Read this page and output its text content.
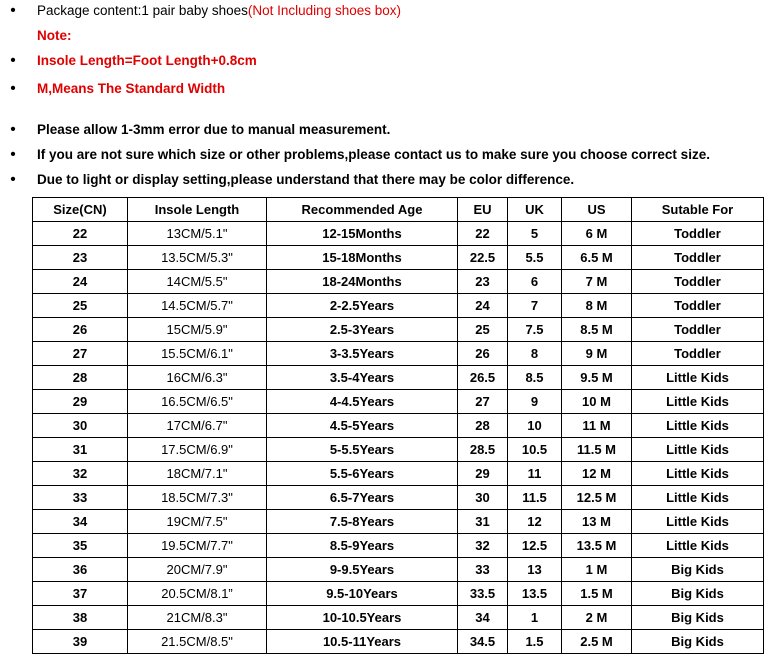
• Package content:1 pair baby shoes(Not Including shoes box)
Note:
• Insole Length=Foot Length+0.8cm
• M,Means The Standard Width
• Please allow 1-3mm error due to manual measurement.
• If you are not sure which size or other problems,please contact us to make sure you choose correct size.
• Due to light or display setting,please understand that there may be color difference.
Size(CN)	Insole Length	Recommended Age	EU	UK	US	Sutable For
22	13CM/5.1"	12-15Months	22	5	6 M	Toddler
23	13.5CM/5.3"	15-18Months	22.5	5.5	6.5 M	Toddler
24	14CM/5.5"	18-24Months	23	6	7 M	Toddler
25	14.5CM/5.7"	2-2.5Years	24	7	8 M	Toddler
26	15CM/5.9"	2.5-3Years	25	7.5	8.5 M	Toddler
27	15.5CM/6.1"	3-3.5Years	26	8	9 M	Toddler
28	16CM/6.3"	3.5-4Years	26.5	8.5	9.5 M	Little Kids
29	16.5CM/6.5"	4-4.5Years	27	9	10 M	Little Kids
30	17CM/6.7"	4.5-5Years	28	10	11 M	Little Kids
31	17.5CM/6.9"	5-5.5Years	28.5	10.5	11.5 M	Little Kids
32	18CM/7.1"	5.5-6Years	29	11	12 M	Little Kids
33	18.5CM/7.3"	6.5-7Years	30	11.5	12.5 M	Little Kids
34	19CM/7.5"	7.5-8Years	31	12	13 M	Little Kids
35	19.5CM/7.7"	8.5-9Years	32	12.5	13.5 M	Little Kids
36	20CM/7.9"	9-9.5Years	33	13	1 M	Big Kids
37	20.5CM/8.1”	9.5-10Years	33.5	13.5	1.5 M	Big Kids
38	21CM/8.3"	10-10.5Years	34	1	2 M	Big Kids
39	21.5CM/8.5"	10.5-11Years	34.5	1.5	2.5 M	Big Kids
